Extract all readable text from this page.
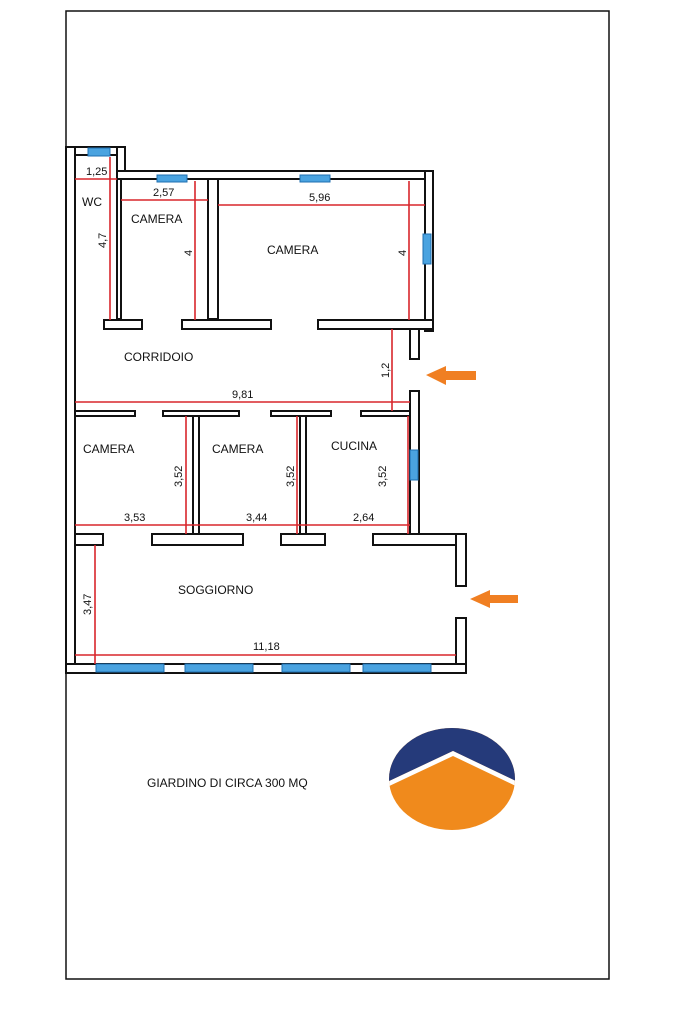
WC
CAMERA
CAMERA
CORRIDOIO
CAMERA	CAMERA	CUCINA
SOGGIORNO
1,25
4,7
2,57
4
5,96
4
1,2
9,81
3,53
3,52
3,44
3,52
2,64
3,52
3,47
11,18
GIARDINO DI CIRCA 300 MQ
